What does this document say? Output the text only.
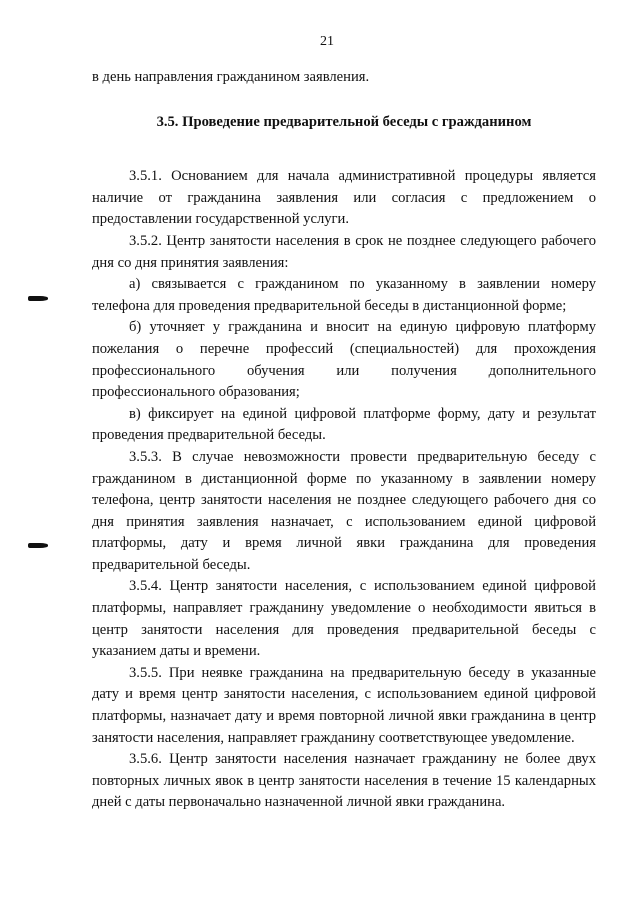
21

в день направления гражданином заявления.

3.5. Проведение предварительной беседы с гражданином

3.5.1. Основанием для начала административной процедуры является наличие от гражданина заявления или согласия с предложением о предоставлении государственной услуги.

3.5.2. Центр занятости населения в срок не позднее следующего рабочего дня со дня принятия заявления:

а) связывается с гражданином по указанному в заявлении номеру телефона для проведения предварительной беседы в дистанционной форме;

б) уточняет у гражданина и вносит на единую цифровую платформу пожелания о перечне профессий (специальностей) для прохождения профессионального обучения или получения дополнительного профессионального образования;

в) фиксирует на единой цифровой платформе форму, дату и результат проведения предварительной беседы.

3.5.3. В случае невозможности провести предварительную беседу с гражданином в дистанционной форме по указанному в заявлении номеру телефона, центр занятости населения не позднее следующего рабочего дня со дня принятия заявления назначает, с использованием единой цифровой платформы, дату и время личной явки гражданина для проведения предварительной беседы.

3.5.4. Центр занятости населения, с использованием единой цифровой платформы, направляет гражданину уведомление о необходимости явиться в центр занятости населения для проведения предварительной беседы с указанием даты и времени.

3.5.5. При неявке гражданина на предварительную беседу в указанные дату и время центр занятости населения, с использованием единой цифровой платформы, назначает дату и время повторной личной явки гражданина в центр занятости населения, направляет гражданину соответствующее уведомление.

3.5.6. Центр занятости населения назначает гражданину не более двух повторных личных явок в центр занятости населения в течение 15 календарных дней с даты первоначально назначенной личной явки гражданина.
